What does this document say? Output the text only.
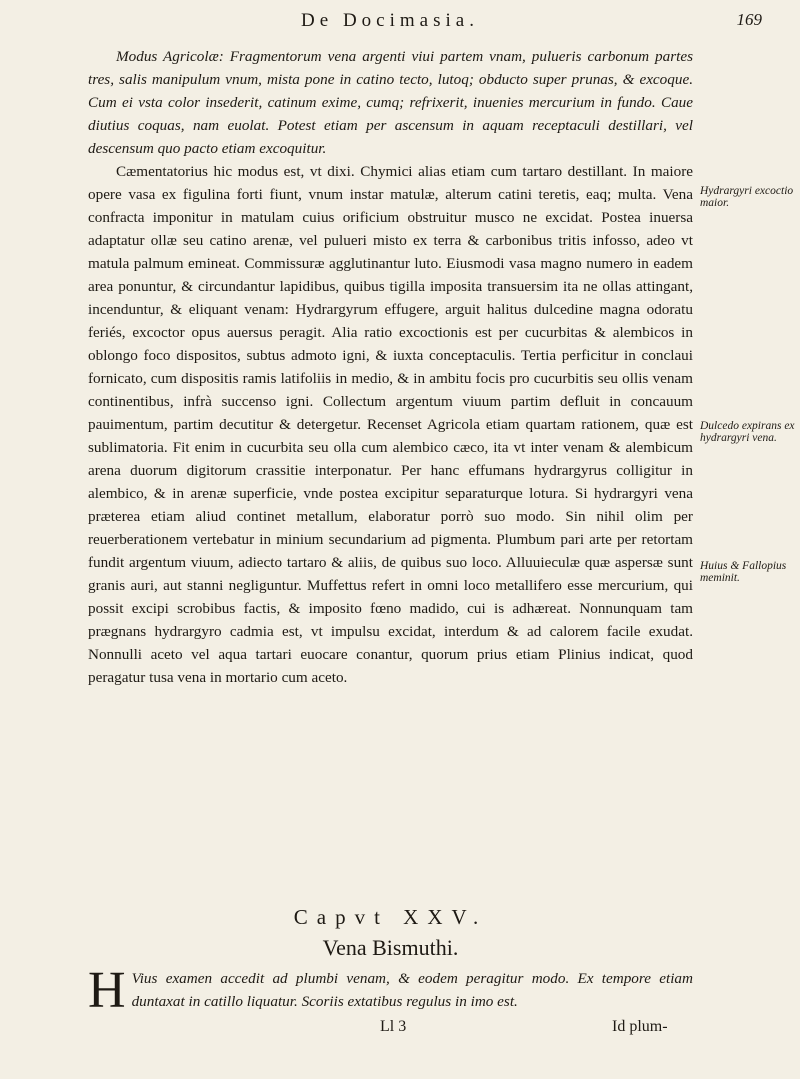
De Docimasia.	169

Modus Agricolæ: Fragmentorum vena argenti viui partem vnam, pulueris carbonum partes tres, salis manipulum vnum, mista pone in catino tecto, lutoq; obducto super prunas, & excoque. Cum ei vsta color insederit, catinum exime, cumq; refrixerit, inuenies mercurium in fundo. Caue diutius coquas, nam euolat. Potest etiam per ascensum in aquam receptaculi destillari, vel descensum quo pacto etiam excoquitur.

Cæmentatorius hic modus est, vt dixi. Chymici alias etiam cum tartaro destillant. In maiore opere vasa ex figulina forti fiunt, vnum instar matulæ, alterum catini teretis, eaq; multa. Vena confracta imponitur in matulam cuius orificium obstruitur musco ne excidat. Postea inuersa adaptatur ollæ seu catino arenæ, vel pulueri misto ex terra & carbonibus tritis infosso, adeo vt matula palmum emineat. Commissuræ agglutinantur luto. Eiusmodi vasa magno numero in eadem area ponuntur, & circundantur lapidibus, quibus tigilla imposita transuersim ita ne ollas attingant, incenduntur, & eliquant venam: Hydrargyrum effugere, arguit halitus dulcedine magna odoratu feriés, excoctor opus auersus peragit. Alia ratio excoctionis est per cucurbitas & alembicos in oblongo foco dispositos, subtus admoto igni, & iuxta conceptaculis. Tertia perficitur in conclaui fornicato, cum dispositis ramis latifoliis in medio, & in ambitu focis pro cucurbitis seu ollis venam continentibus, infrà succenso igni. Collectum argentum viuum partim defluit in concauum pauimentum, partim decutitur & detergetur. Recenset Agricola etiam quartam rationem, quæ est sublimatoria. Fit enim in cucurbita seu olla cum alembico cæco, ita vt inter venam & alembicum arena duorum digitorum crassitie interponatur. Per hanc effumans hydrargyrus colligitur in alembico, & in arenæ superficie, vnde postea excipitur separaturque lotura. Si hydrargyri vena præterea etiam aliud continet metallum, elaboratur porrò suo modo. Sin nihil olim per reuerberationem vertebatur in minium secundarium ad pigmenta. Plumbum pari arte per retortam fundit argentum viuum, adiecto tartaro & aliis, de quibus suo loco. Alluuieculæ quæ aspersæ sunt granis auri, aut stanni negliguntur. Muffettus refert in omni loco metallifero esse mercurium, qui possit excipi scrobibus factis, & imposito fœno madido, cui is adhæreat. Nonnunquam tam prægnans hydrargyro cadmia est, vt impulsu excidat, interdum & ad calorem facile exudat. Nonnulli aceto vel aqua tartari euocare conantur, quorum prius etiam Plinius indicat, quod peragatur tusa vena in mortario cum aceto.

Hydrargyri excoctio maior.
Dulcedo expirans ex hydrargyri vena.
Huius & Fallopius meminit.
Capvt XXV.
Vena Bismuthi.
H Vius examen accedit ad plumbi venam, & eodem peragitur modo. Ex tempore etiam duntaxat in catillo liquatur. Scoriis extatibus regulus in imo est.
Ll 3	Id plum-
